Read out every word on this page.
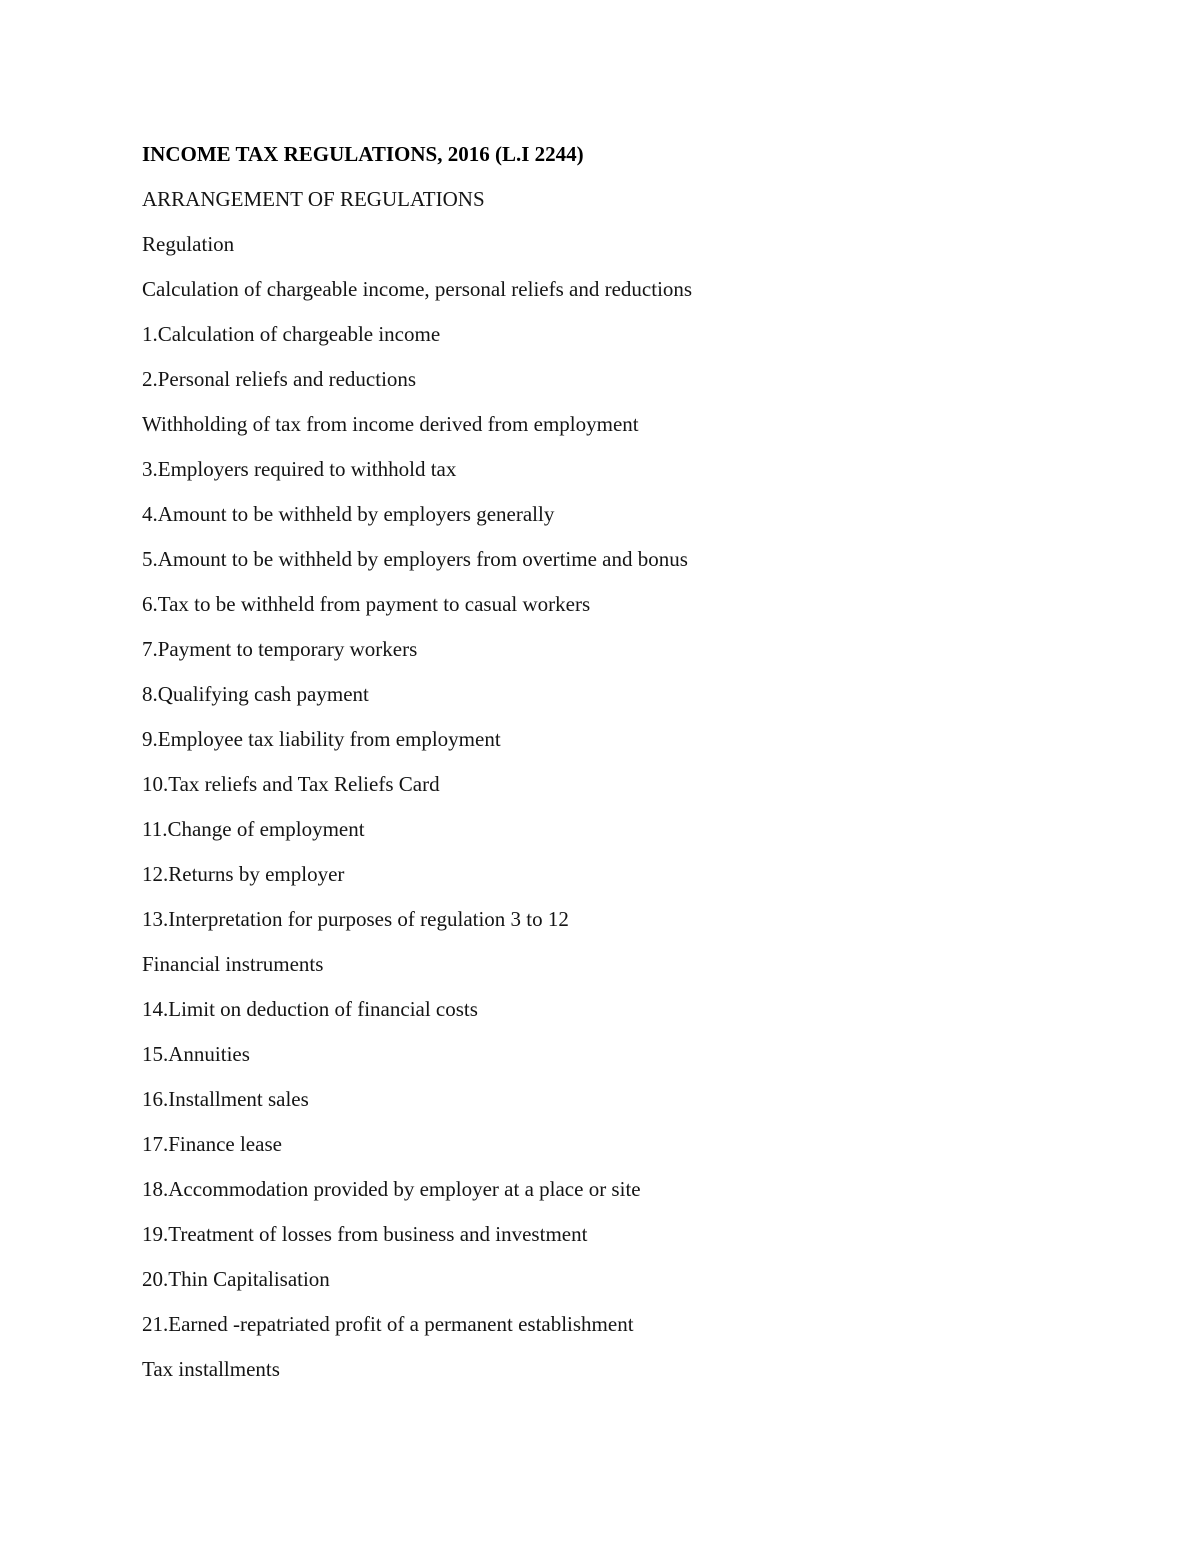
INCOME TAX REGULATIONS, 2016 (L.I 2244)
ARRANGEMENT OF REGULATIONS
Regulation
Calculation of chargeable income, personal reliefs and reductions
1.Calculation of chargeable income
2.Personal reliefs and reductions
Withholding of tax from income derived from employment
3.Employers required to withhold tax
4.Amount to be withheld by employers generally
5.Amount to be withheld by employers from overtime and bonus
6.Tax to be withheld from payment to casual workers
7.Payment to temporary workers
8.Qualifying cash payment
9.Employee tax liability from employment
10.Tax reliefs and Tax Reliefs Card
11.Change of employment
12.Returns by employer
13.Interpretation for purposes of regulation 3 to 12
Financial instruments
14.Limit on deduction of financial costs
15.Annuities
16.Installment sales
17.Finance lease
18.Accommodation provided by employer at a place or site
19.Treatment of losses from business and investment
20.Thin Capitalisation
21.Earned -repatriated profit of a permanent establishment
Tax installments
